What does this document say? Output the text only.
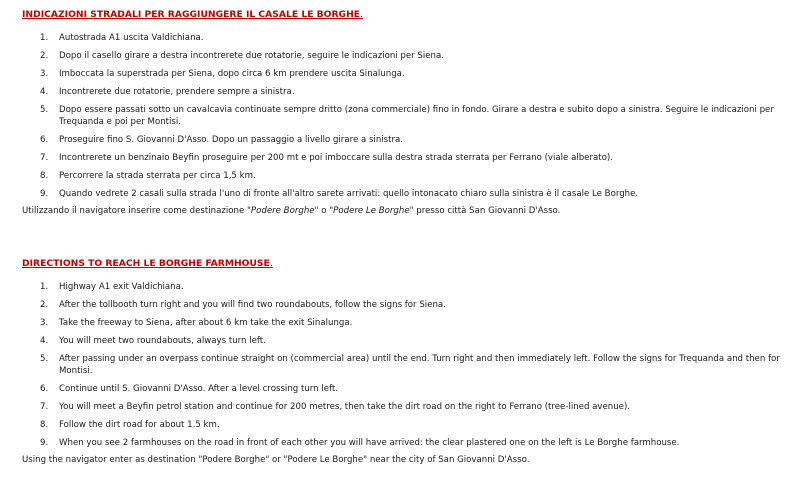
INDICAZIONI STRADALI PER RAGGIUNGERE IL CASALE LE BORGHE.

1.	Autostrada A1 uscita Valdichiana.
2.	Dopo il casello girare a destra incontrerete due rotatorie, seguire le indicazioni per Siena.
3.	Imboccata la superstrada per Siena, dopo circa 6 km prendere uscita Sinalunga.
4.	Incontrerete due rotatorie, prendere sempre a sinistra.
5.	Dopo essere passati sotto un cavalcavia continuate sempre dritto (zona commerciale) fino in fondo. Girare a destra e subito dopo a sinistra. Seguire le indicazioni per Trequanda e poi per Montisi.
6.	Proseguire fino S. Giovanni D'Asso. Dopo un passaggio a livello girare a sinistra.
7.	Incontrerete un benzinaio Beyfin proseguire per 200 mt e poi imboccare sulla destra strada sterrata per Ferrano (viale alberato).
8.	Percorrere la strada sterrata per circa 1,5 km.
9.	Quando vedrete 2 casali sulla strada l'uno di fronte all'altro sarete arrivati: quello intonacato chiaro sulla sinistra è il casale Le Borghe.

Utilizzando il navigatore inserire come destinazione "Podere Borghe" o "Podere Le Borghe" presso città San Giovanni D'Asso.

DIRECTIONS TO REACH LE BORGHE FARMHOUSE.

1.	Highway A1 exit Valdichiana.
2.	After the tollbooth turn right and you will find two roundabouts, follow the signs for Siena.
3.	Take the freeway to Siena, after about 6 km take the exit Sinalunga.
4.	You will meet two roundabouts, always turn left.
5.	After passing under an overpass continue straight on (commercial area) until the end. Turn right and then immediately left. Follow the signs for Trequanda and then for Montisi.
6.	Continue until S. Giovanni D'Asso. After a level crossing turn left.
7.	You will meet a Beyfin petrol station and continue for 200 metres, then take the dirt road on the right to Ferrano (tree-lined avenue).
8.	Follow the dirt road for about 1.5 km.
9.	When you see 2 farmhouses on the road in front of each other you will have arrived: the clear plastered one on the left is Le Borghe farmhouse.

Using the navigator enter as destination "Podere Borghe" or "Podere Le Borghe" near the city of San Giovanni D'Asso.
